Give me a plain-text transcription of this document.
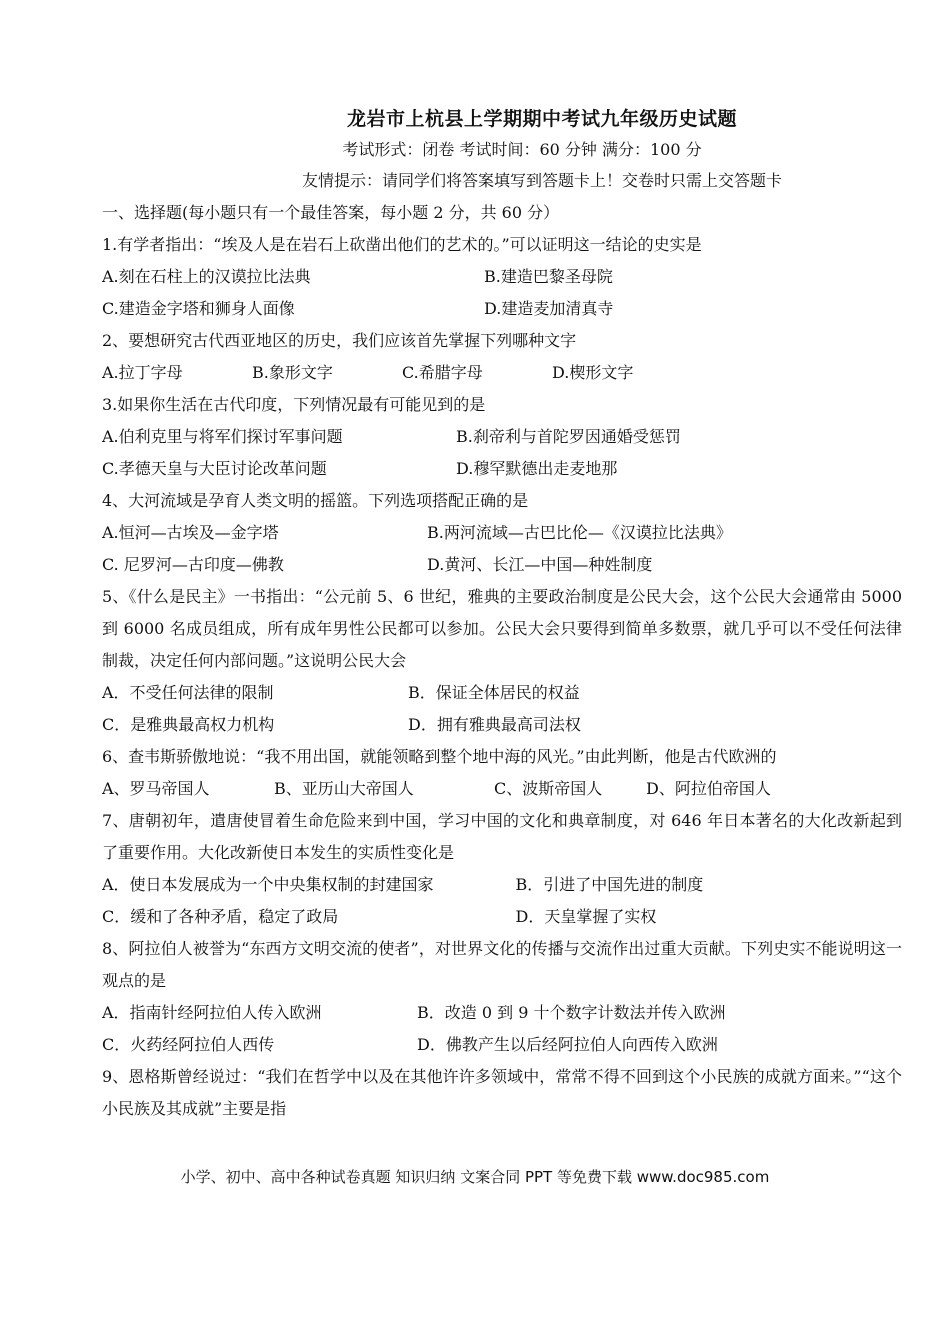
龙岩市上杭县上学期期中考试九年级历史试题
考试形式：闭卷 考试时间：60 分钟 满分：100 分
友情提示：请同学们将答案填写到答题卡上！交卷时只需上交答题卡
一、选择题(每小题只有一个最佳答案，每小题 2 分，共 60 分）
1.有学者指出：“埃及人是在岩石上砍凿出他们的艺术的。”可以证明这一结论的史实是
A.刻在石柱上的汉谟拉比法典	B.建造巴黎圣母院
C.建造金字塔和狮身人面像	D.建造麦加清真寺
2、要想研究古代西亚地区的历史，我们应该首先掌握下列哪种文字
A.拉丁字母	B.象形文字	C.希腊字母	D.楔形文字
3.如果你生活在古代印度，下列情况最有可能见到的是
A.伯利克里与将军们探讨军事问题	B.刹帝利与首陀罗因通婚受惩罚
C.孝德天皇与大臣讨论改革问题	D.穆罕默德出走麦地那
4、大河流域是孕育人类文明的摇篮。下列选项搭配正确的是
A.恒河—古埃及—金字塔	B.两河流域—古巴比伦—《汉谟拉比法典》
C. 尼罗河—古印度—佛教	D.黄河、长江—中国—种姓制度
5、《什么是民主》一书指出：“公元前 5、6 世纪，雅典的主要政治制度是公民大会，这个公民大会通常由 5000 到 6000 名成员组成，所有成年男性公民都可以参加。公民大会只要得到简单多数票，就几乎可以不受任何法律制裁，决定任何内部问题。”这说明公民大会
A．不受任何法律的限制	B．保证全体居民的权益
C．是雅典最高权力机构	D．拥有雅典最高司法权
6、查韦斯骄傲地说：“我不用出国，就能领略到整个地中海的风光。”由此判断，他是古代欧洲的
A、罗马帝国人	B、亚历山大帝国人	C、波斯帝国人	D、阿拉伯帝国人
7、唐朝初年，遣唐使冒着生命危险来到中国，学习中国的文化和典章制度，对 646 年日本著名的大化改新起到了重要作用。大化改新使日本发生的实质性变化是
A．使日本发展成为一个中央集权制的封建国家	B．引进了中国先进的制度
C．缓和了各种矛盾，稳定了政局	D．天皇掌握了实权
8、阿拉伯人被誉为“东西方文明交流的使者”，对世界文化的传播与交流作出过重大贡献。下列史实不能说明这一观点的是
A．指南针经阿拉伯人传入欧洲	B．改造 0 到 9 十个数字计数法并传入欧洲
C．火药经阿拉伯人西传	D．佛教产生以后经阿拉伯人向西传入欧洲
9、恩格斯曾经说过：“我们在哲学中以及在其他许许多领域中，常常不得不回到这个小民族的成就方面来。”“这个小民族及其成就”主要是指
小学、初中、高中各种试卷真题 知识归纳 文案合同 PPT 等免费下载 www.doc985.com
